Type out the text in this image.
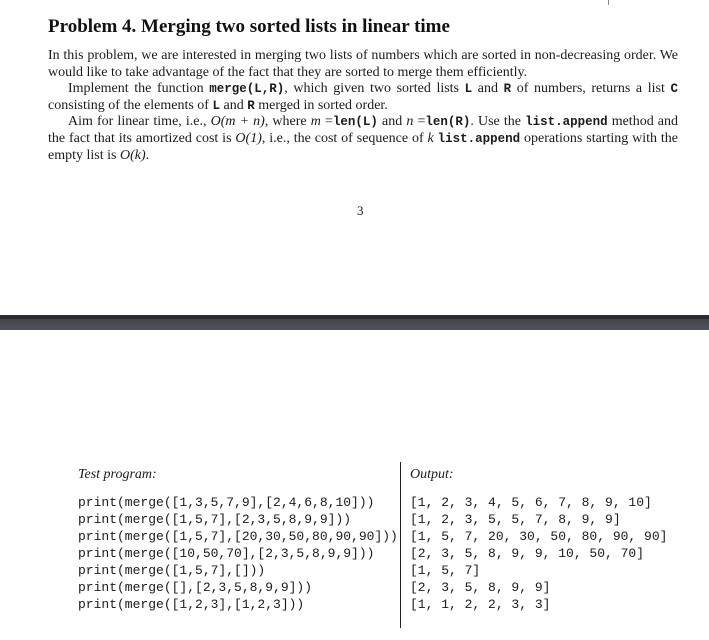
Problem 4. Merging two sorted lists in linear time

In this problem, we are interested in merging two lists of numbers which are sorted in non-decreasing order. We would like to take advantage of the fact that they are sorted to merge them efficiently.

Implement the function merge(L,R), which given two sorted lists L and R of numbers, returns a list C consisting of the elements of L and R merged in sorted order.

Aim for linear time, i.e., O(m + n), where m =len(L) and n =len(R). Use the list.append method and the fact that its amortized cost is O(1), i.e., the cost of sequence of k list.append operations starting with the empty list is O(k).

3
Test program:	Output:
print(merge([1,3,5,7,9],[2,4,6,8,10]))
print(merge([1,5,7],[2,3,5,8,9,9]))
print(merge([1,5,7],[20,30,50,80,90,90]))
print(merge([10,50,70],[2,3,5,8,9,9]))
print(merge([1,5,7],[]))
print(merge([],[2,3,5,8,9,9]))
print(merge([1,2,3],[1,2,3]))
[1, 2, 3, 4, 5, 6, 7, 8, 9, 10]
[1, 2, 3, 5, 5, 7, 8, 9, 9]
[1, 5, 7, 20, 30, 50, 80, 90, 90]
[2, 3, 5, 8, 9, 9, 10, 50, 70]
[1, 5, 7]
[2, 3, 5, 8, 9, 9]
[1, 1, 2, 2, 3, 3]
